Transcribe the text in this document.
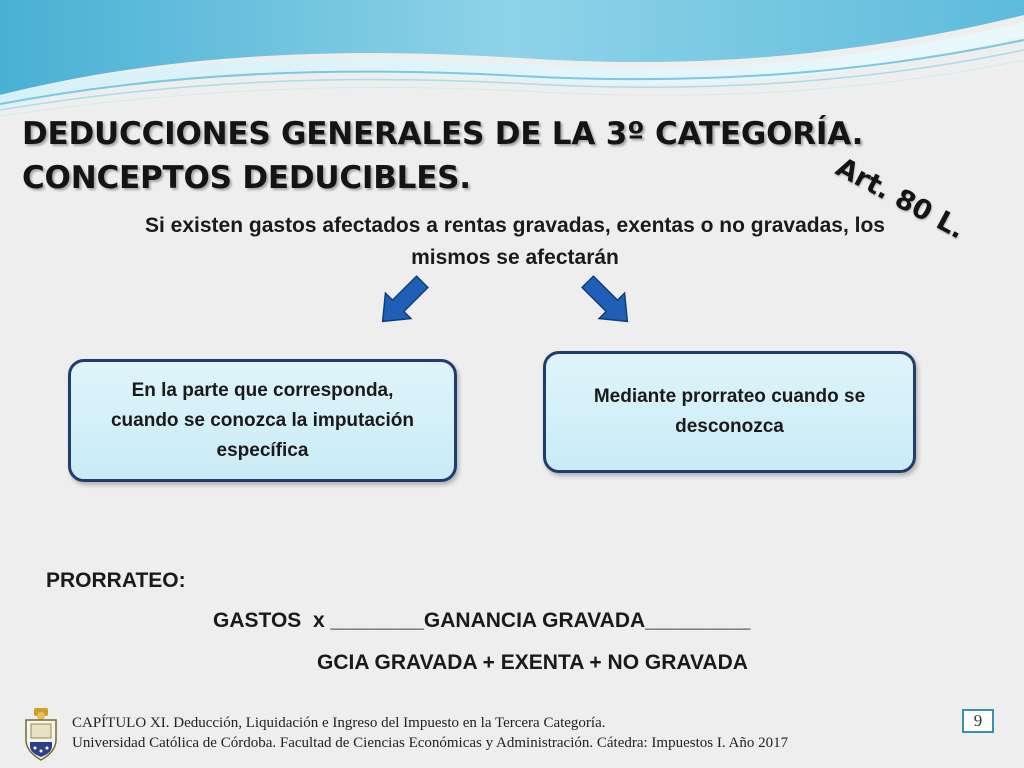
DEDUCCIONES GENERALES DE LA 3º CATEGORÍA.
CONCEPTOS DEDUCIBLES.	Art. 80 L.
Si existen gastos afectados a rentas gravadas, exentas o no gravadas, los
mismos se afectarán
En la parte que corresponda,
cuando se conozca la imputación
específica
Mediante prorrateo cuando se
desconozca
PRORRATEO:
GASTOS  x ________GANANCIA GRAVADA_________
GCIA GRAVADA + EXENTA + NO GRAVADA
CAPÍTULO XI. Deducción, Liquidación e Ingreso del Impuesto en la Tercera Categoría.
Universidad Católica de Córdoba. Facultad de Ciencias Económicas y Administración. Cátedra: Impuestos I. Año 2017
9
